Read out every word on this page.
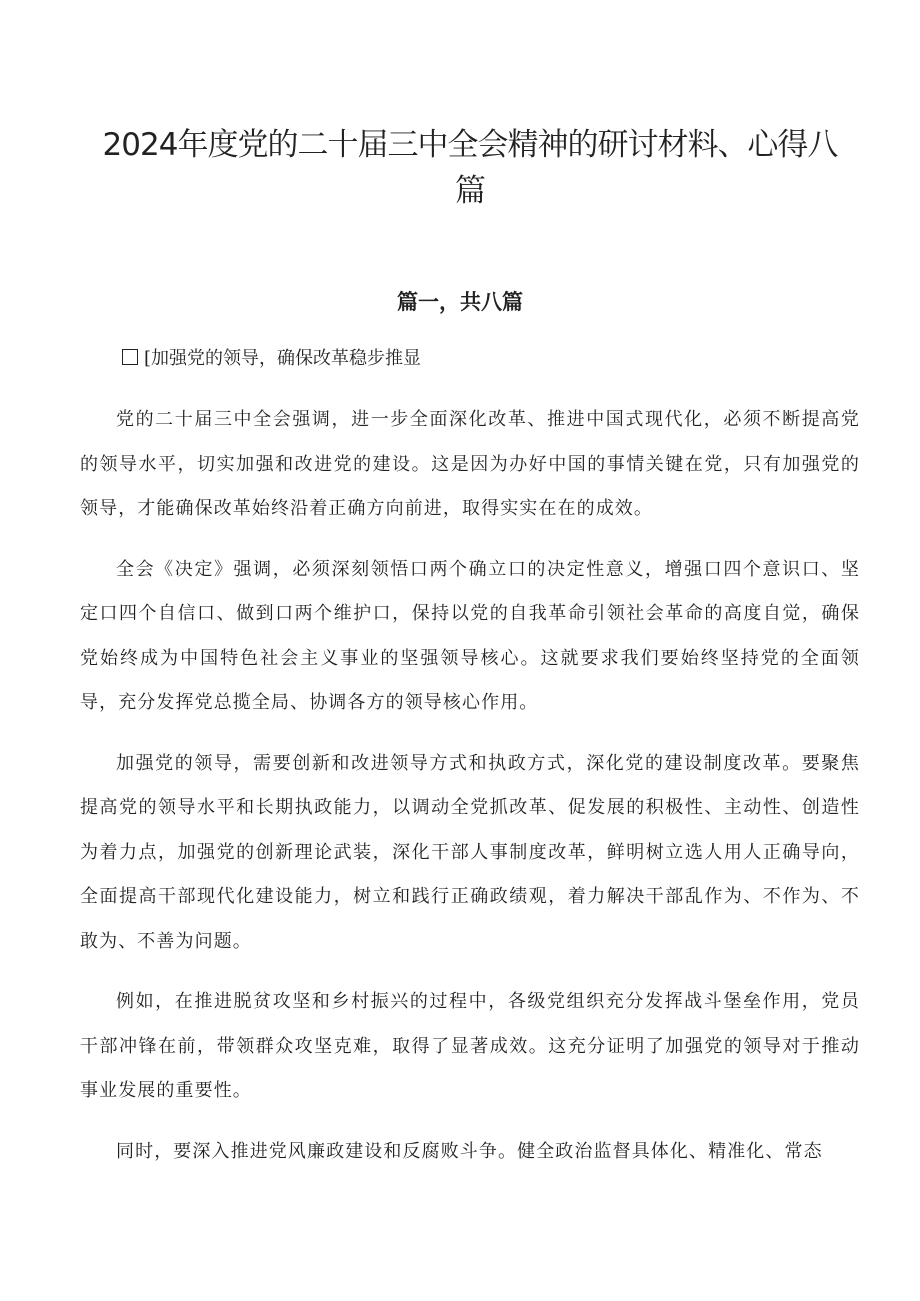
2024年度党的二十届三中全会精神的研讨材料、心得八篇
篇一，共八篇
[加强党的领导，确保改革稳步推显

党的二十届三中全会强调，进一步全面深化改革、推进中国式现代化，必须不断提高党的领导水平，切实加强和改进党的建设。这是因为办好中国的事情关键在党，只有加强党的领导，才能确保改革始终沿着正确方向前进，取得实实在在的成效。

全会《决定》强调，必须深刻领悟口两个确立口的决定性意义，增强口四个意识口、坚定口四个自信口、做到口两个维护口，保持以党的自我革命引领社会革命的高度自觉，确保党始终成为中国特色社会主义事业的坚强领导核心。这就要求我们要始终坚持党的全面领导，充分发挥党总揽全局、协调各方的领导核心作用。

加强党的领导，需要创新和改进领导方式和执政方式，深化党的建设制度改革。要聚焦提高党的领导水平和长期执政能力，以调动全党抓改革、促发展的积极性、主动性、创造性为着力点，加强党的创新理论武装，深化干部人事制度改革，鲜明树立选人用人正确导向，全面提高干部现代化建设能力，树立和践行正确政绩观，着力解决干部乱作为、不作为、不敢为、不善为问题。

例如，在推进脱贫攻坚和乡村振兴的过程中，各级党组织充分发挥战斗堡垒作用，党员干部冲锋在前，带领群众攻坚克难，取得了显著成效。这充分证明了加强党的领导对于推动事业发展的重要性。

同时，要深入推进党风廉政建设和反腐败斗争。健全政治监督具体化、精准化、常态
